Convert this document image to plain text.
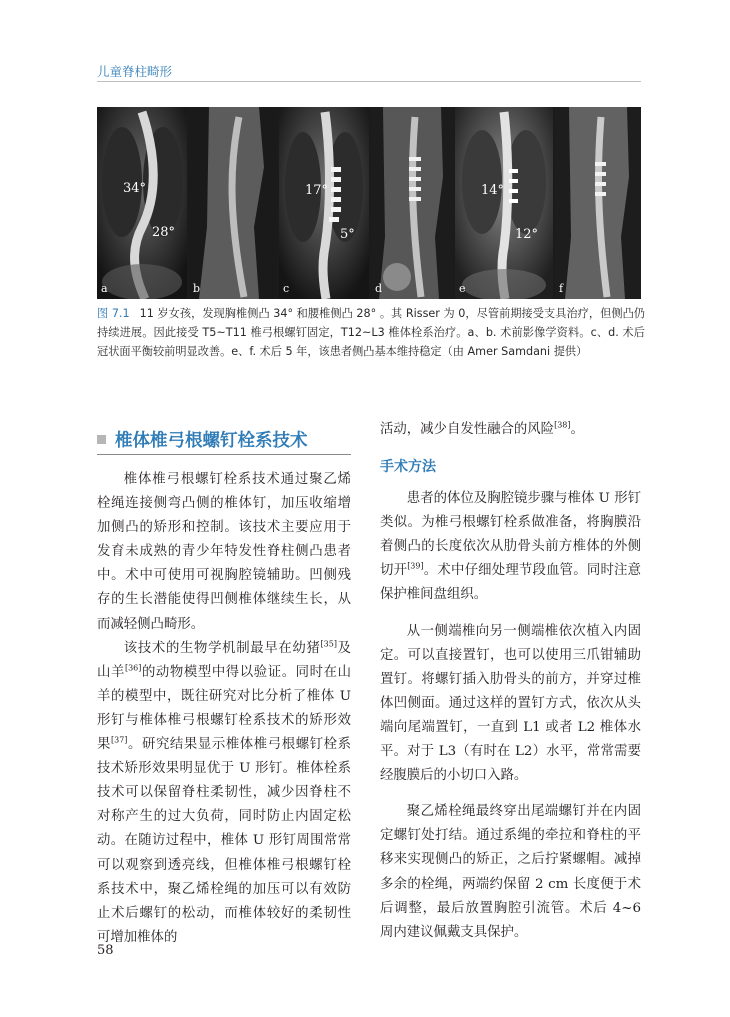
儿童脊柱畸形
34°
28°
a	b
17°
5°
c	d
14°
12°
e	f
图 7.1 11 岁女孩，发现胸椎侧凸 34° 和腰椎侧凸 28° 。其 Risser 为 0，尽管前期接受支具治疗，但侧凸仍持续进展。因此接受 T5~T11 椎弓根螺钉固定，T12~L3 椎体栓系治疗。a、b. 术前影像学资料。c、d. 术后冠状面平衡较前明显改善。e、f. 术后 5 年，该患者侧凸基本维持稳定（由 Amer Samdani 提供）
椎体椎弓根螺钉栓系技术

椎体椎弓根螺钉栓系技术通过聚乙烯栓绳连接侧弯凸侧的椎体钉，加压收缩增加侧凸的矫形和控制。该技术主要应用于发育未成熟的青少年特发性脊柱侧凸患者中。术中可使用可视胸腔镜辅助。凹侧残存的生长潜能使得凹侧椎体继续生长，从而减轻侧凸畸形。

该技术的生物学机制最早在幼猪[35]及山羊[36]的动物模型中得以验证。同时在山羊的模型中，既往研究对比分析了椎体 U 形钉与椎体椎弓根螺钉栓系技术的矫形效果[37]。研究结果显示椎体椎弓根螺钉栓系技术矫形效果明显优于 U 形钉。椎体栓系技术可以保留脊柱柔韧性，减少因脊柱不对称产生的过大负荷，同时防止内固定松动。在随访过程中，椎体 U 形钉周围常常可以观察到透亮线，但椎体椎弓根螺钉栓系技术中，聚乙烯栓绳的加压可以有效防止术后螺钉的松动，而椎体较好的柔韧性可增加椎体的

活动，减少自发性融合的风险[38]。

手术方法

患者的体位及胸腔镜步骤与椎体 U 形钉类似。为椎弓根螺钉栓系做准备，将胸膜沿着侧凸的长度依次从肋骨头前方椎体的外侧切开[39]。术中仔细处理节段血管。同时注意保护椎间盘组织。

从一侧端椎向另一侧端椎依次植入内固定。可以直接置钉，也可以使用三爪钳辅助置钉。将螺钉插入肋骨头的前方，并穿过椎体凹侧面。通过这样的置钉方式，依次从头端向尾端置钉，一直到 L1 或者 L2 椎体水平。对于 L3（有时在 L2）水平，常常需要经腹膜后的小切口入路。

聚乙烯栓绳最终穿出尾端螺钉并在内固定螺钉处打结。通过系绳的牵拉和脊柱的平移来实现侧凸的矫正，之后拧紧螺帽。减掉多余的栓绳，两端约保留 2 cm 长度便于术后调整，最后放置胸腔引流管。术后 4~6 周内建议佩戴支具保护。

58
